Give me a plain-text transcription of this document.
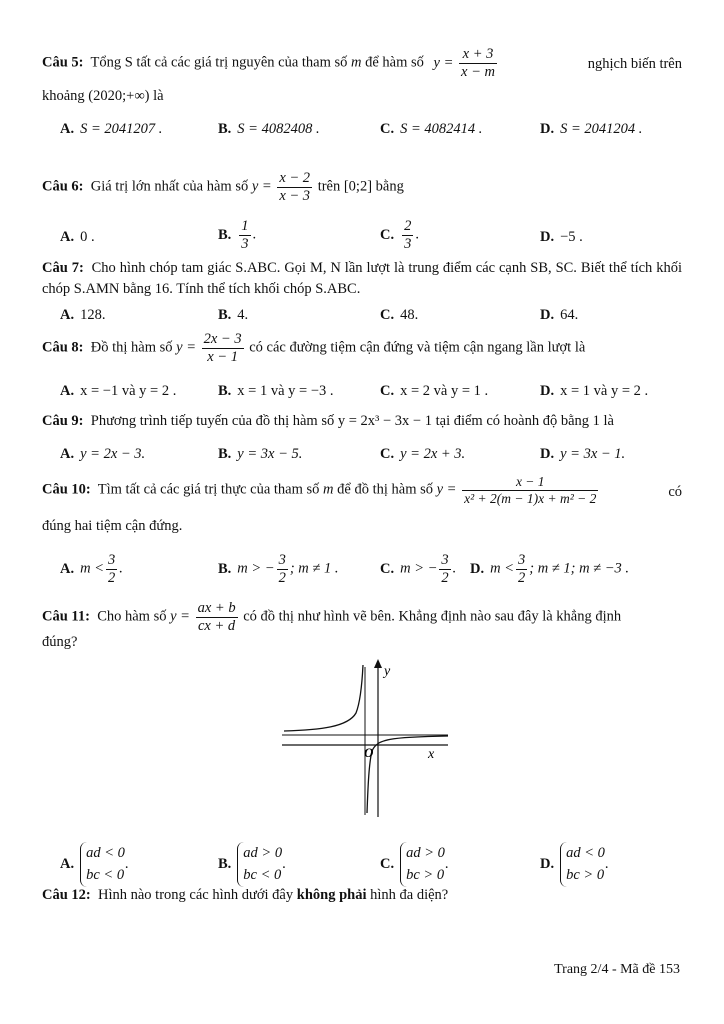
Câu 5: Tổng S tất cả các giá trị nguyên của tham số m để hàm số $y = \frac{x + 3}{x - m}$	nghịch biến trên
khoảng (2020;+∞) là
A. S = 2041207 .	B. S = 4082408 .	C. S = 4082414 .	D. S = 2041204 .
Câu 6: Giá trị lớn nhất của hàm số $y = \frac{x - 2}{x - 3}$ trên [0;2] bằng
A. 0 .	B. $\frac{1}{3}$ .	C. $\frac{2}{3}$ .	D. −5 .
Câu 7: Cho hình chóp tam giác S.ABC. Gọi M, N lần lượt là trung điểm các cạnh SB, SC. Biết thể tích khối chóp S.AMN bằng 16. Tính thể tích khối chóp S.ABC.
A. 128.	B. 4.	C. 48.	D. 64.
Câu 8: Đồ thị hàm số $y = \frac{2x - 3}{x - 1}$ có các đường tiệm cận đứng và tiệm cận ngang lần lượt là
A. x = −1 và y = 2 .	B. x = 1 và y = −3 .	C. x = 2 và y = 1 .	D. x = 1 và y = 2 .
Câu 9: Phương trình tiếp tuyến của đồ thị hàm số y = 2x³ − 3x − 1 tại điểm có hoành độ bằng 1 là
A. y = 2x − 3.	B. y = 3x − 5.	C. y = 2x + 3.	D. y = 3x − 1.
Câu 10: Tìm tất cả các giá trị thực của tham số m để đồ thị hàm số $y = \frac{x - 1}{\text{x² + 2(m − 1)x + m² − 2}}$	có
đúng hai tiệm cận đứng.
A. $m < \frac{3}{2}$ .	B. m > − $\frac{3}{2}$ ; m ≠ 1 .	C. m > − $\frac{3}{2}$ . D. $m < \frac{3}{2}$ ; m ≠ 1; m ≠ −3 .
Câu 11: Cho hàm số $y = \frac{ax + b}{cx + d}$ có đồ thị như hình vẽ bên. Khẳng định nào sau đây là khẳng định
đúng?
y
x
O
A.ad < 0
bc < 0.	B.ad > 0
bc < 0.	C.ad > 0
bc > 0.	D.ad < 0
bc > 0.
Câu 12: Hình nào trong các hình dưới đây không phải hình đa diện?
Trang 2/4 - Mã đề 153
